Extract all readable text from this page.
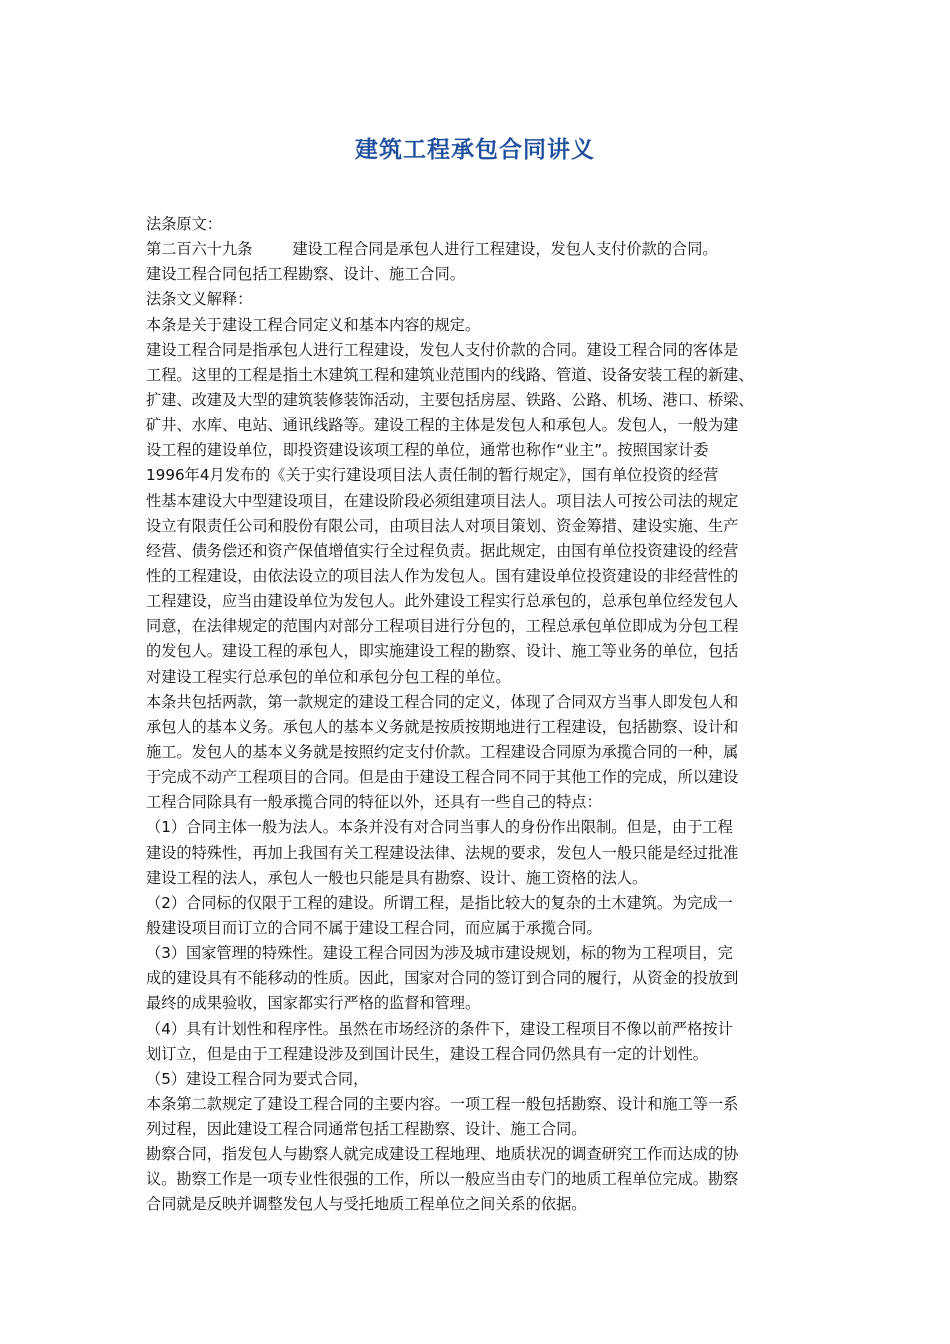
建筑工程承包合同讲义
法条原文：
第二百六十九条	建设工程合同是承包人进行工程建设，发包人支付价款的合同。
建设工程合同包括工程勘察、设计、施工合同。
法条文义解释：
本条是关于建设工程合同定义和基本内容的规定。
建设工程合同是指承包人进行工程建设，发包人支付价款的合同。建设工程合同的客体是
工程。这里的工程是指土木建筑工程和建筑业范围内的线路、管道、设备安装工程的新建、
扩建、改建及大型的建筑装修装饰活动，主要包括房屋、铁路、公路、机场、港口、桥梁、
矿井、水库、电站、通讯线路等。建设工程的主体是发包人和承包人。发包人，一般为建
设工程的建设单位，即投资建设该项工程的单位，通常也称作“业主”。按照国家计委
1996年4月发布的《关于实行建设项目法人责任制的暂行规定》，国有单位投资的经营
性基本建设大中型建设项目，在建设阶段必须组建项目法人。项目法人可按公司法的规定
设立有限责任公司和股份有限公司，由项目法人对项目策划、资金筹措、建设实施、生产
经营、债务偿还和资产保值增值实行全过程负责。据此规定，由国有单位投资建设的经营
性的工程建设，由依法设立的项目法人作为发包人。国有建设单位投资建设的非经营性的
工程建设，应当由建设单位为发包人。此外建设工程实行总承包的，总承包单位经发包人
同意，在法律规定的范围内对部分工程项目进行分包的，工程总承包单位即成为分包工程
的发包人。建设工程的承包人，即实施建设工程的勘察、设计、施工等业务的单位，包括
对建设工程实行总承包的单位和承包分包工程的单位。
本条共包括两款，第一款规定的建设工程合同的定义，体现了合同双方当事人即发包人和
承包人的基本义务。承包人的基本义务就是按质按期地进行工程建设，包括勘察、设计和
施工。发包人的基本义务就是按照约定支付价款。工程建设合同原为承揽合同的一种，属
于完成不动产工程项目的合同。但是由于建设工程合同不同于其他工作的完成，所以建设
工程合同除具有一般承揽合同的特征以外，还具有一些自己的特点：
（1）合同主体一般为法人。本条并没有对合同当事人的身份作出限制。但是，由于工程
建设的特殊性，再加上我国有关工程建设法律、法规的要求，发包人一般只能是经过批准
建设工程的法人，承包人一般也只能是具有勘察、设计、施工资格的法人。
（2）合同标的仅限于工程的建设。所谓工程，是指比较大的复杂的土木建筑。为完成一
般建设项目而订立的合同不属于建设工程合同，而应属于承揽合同。
（3）国家管理的特殊性。建设工程合同因为涉及城市建设规划，标的物为工程项目，完
成的建设具有不能移动的性质。因此，国家对合同的签订到合同的履行，从资金的投放到
最终的成果验收，国家都实行严格的监督和管理。
（4）具有计划性和程序性。虽然在市场经济的条件下，建设工程项目不像以前严格按计
划订立，但是由于工程建设涉及到国计民生，建设工程合同仍然具有一定的计划性。
（5）建设工程合同为要式合同，
本条第二款规定了建设工程合同的主要内容。一项工程一般包括勘察、设计和施工等一系
列过程，因此建设工程合同通常包括工程勘察、设计、施工合同。
勘察合同，指发包人与勘察人就完成建设工程地理、地质状况的调查研究工作而达成的协
议。勘察工作是一项专业性很强的工作，所以一般应当由专门的地质工程单位完成。勘察
合同就是反映并调整发包人与受托地质工程单位之间关系的依据。
